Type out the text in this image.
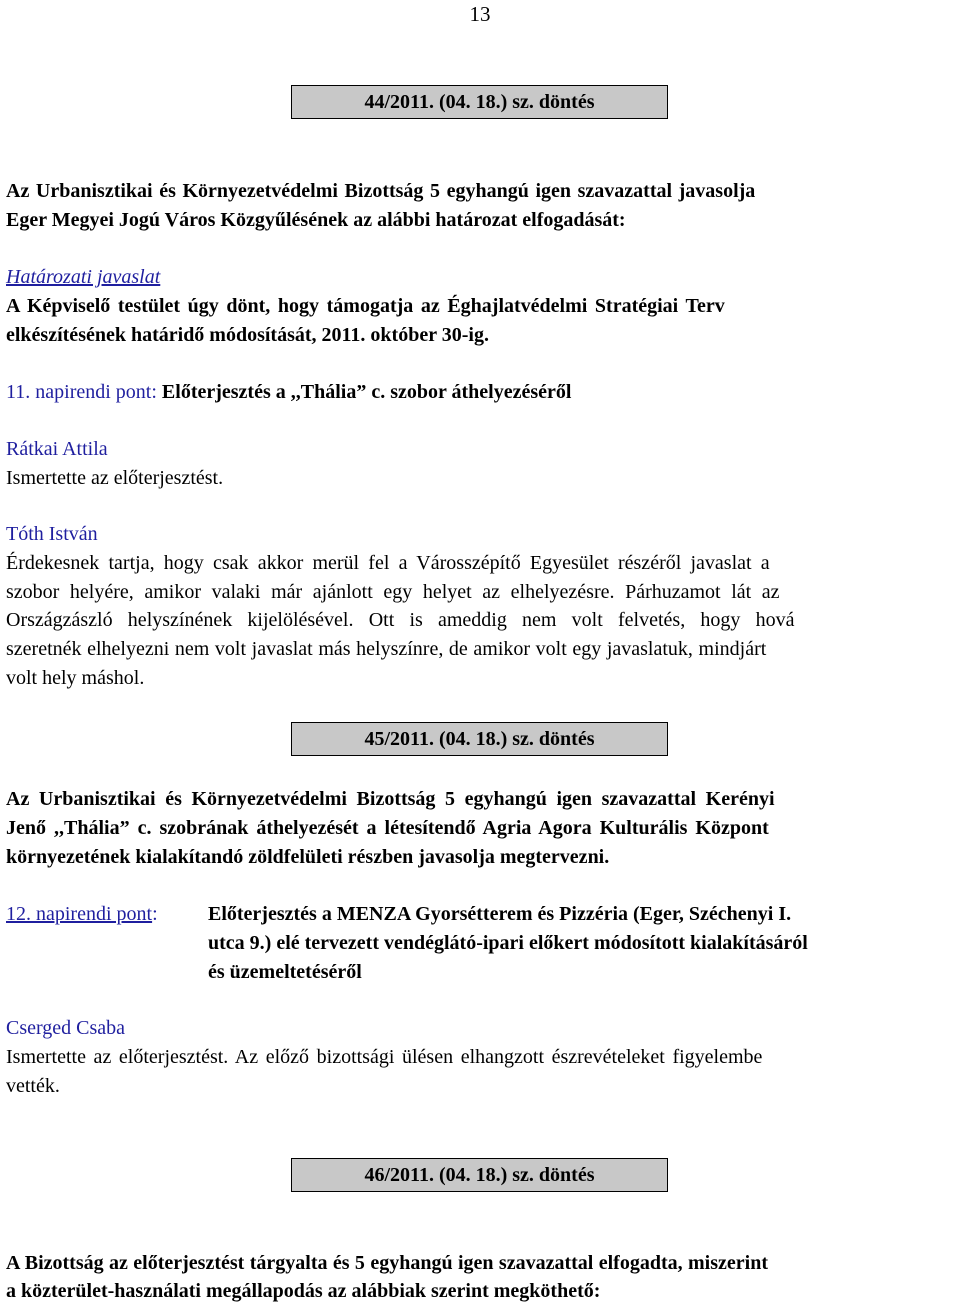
13
44/2011. (04. 18.) sz. döntés
Az Urbanisztikai és Környezetvédelmi Bizottság 5 egyhangú igen szavazattal javasolja
Eger Megyei Jogú Város Közgyűlésének az alábbi határozat elfogadását:
Határozati javaslat
A Képviselő testület úgy dönt, hogy támogatja az Éghajlatvédelmi Stratégiai Terv
elkészítésének határidő módosítását, 2011. október 30-ig.
11. napirendi pont: Előterjesztés a ,,Thália” c. szobor áthelyezéséről
Rátkai Attila
Ismertette az előterjesztést.
Tóth István
Érdekesnek tartja, hogy csak akkor merül fel a Városszépítő Egyesület részéről javaslat a
szobor helyére, amikor valaki már ajánlott egy helyet az elhelyezésre. Párhuzamot lát az
Országzászló helyszínének kijelölésével. Ott is ameddig nem volt felvetés, hogy hová
szeretnék elhelyezni nem volt javaslat más helyszínre, de amikor volt egy javaslatuk, mindjárt
volt hely máshol.
45/2011. (04. 18.) sz. döntés
Az Urbanisztikai és Környezetvédelmi Bizottság 5 egyhangú igen szavazattal Kerényi
Jenő ,,Thália” c. szobrának áthelyezését a létesítendő Agria Agora Kulturális Központ
környezetének kialakítandó zöldfelületi részben javasolja megtervezni.
12. napirendi pont:	Előterjesztés a MENZA Gyorsétterem és Pizzéria (Eger, Széchenyi I.
utca 9.) elé tervezett vendéglátó-ipari előkert módosított kialakításáról
és üzemeltetéséről
Cserged Csaba
Ismertette az előterjesztést. Az előző bizottsági ülésen elhangzott észrevételeket figyelembe
vették.
46/2011. (04. 18.) sz. döntés
A Bizottság az előterjesztést tárgyalta és 5 egyhangú igen szavazattal elfogadta, miszerint
a közterület-használati megállapodás az alábbiak szerint megköthető:
